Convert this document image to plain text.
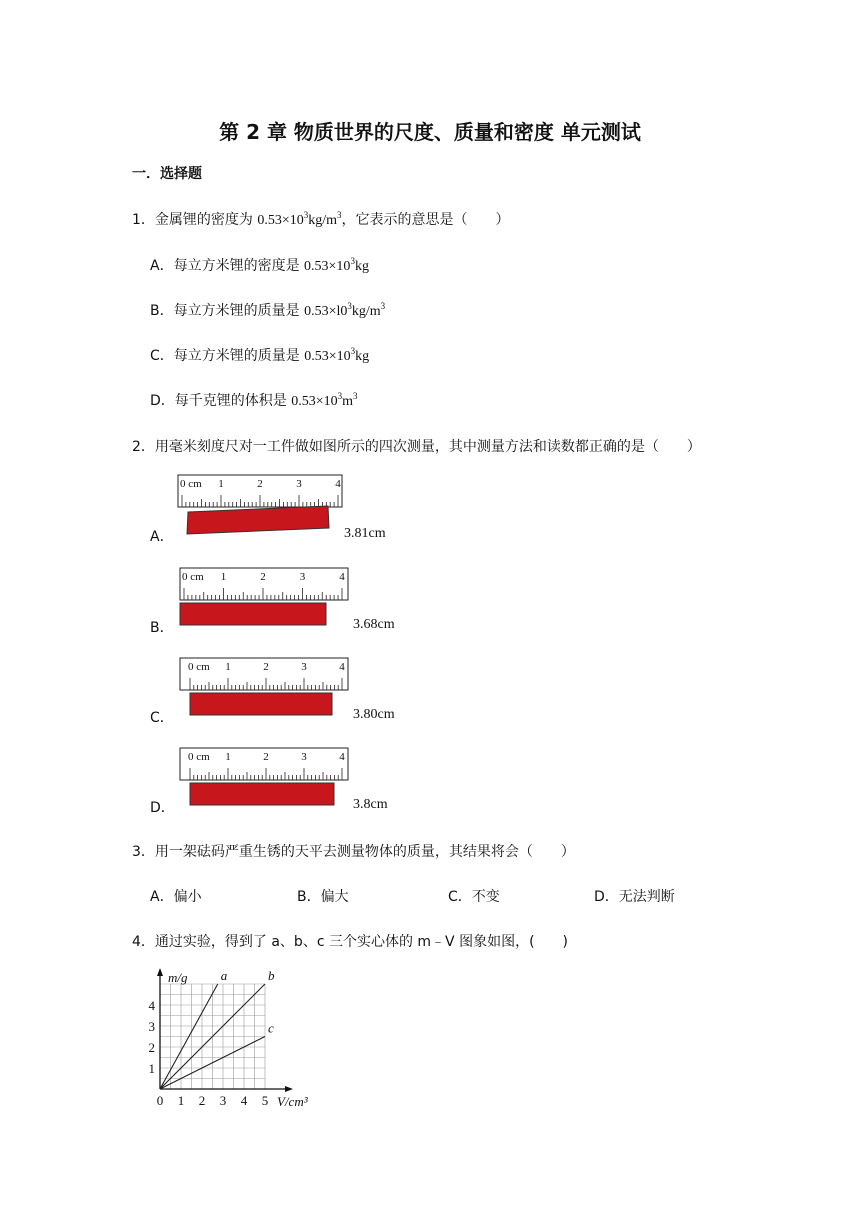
第 2 章 物质世界的尺度、质量和密度 单元测试
一．选择题
1．金属锂的密度为 $0.53\times 10^3kg/m^3$，它表示的意思是（　　）
A．每立方米锂的密度是 $0.53\times 10^3kg$
B．每立方米锂的质量是 $0.53\times l0^3kg/m^3$
C．每立方米锂的质量是 $0.53\times 10^3kg$
D．每千克锂的体积是 $0.53\times 10^3m^3$
2．用毫米刻度尺对一工件做如图所示的四次测量，其中测量方法和读数都正确的是（　　）
A．	3.81cm
B．	3.68cm
C．	3.80cm
D．	3.8cm
0 cm 1	2	3	4
0 cm 1	2	3	4
0 cm 1	2	3	4
0 cm 1	2	3	4
3．用一架砝码严重生锈的天平去测量物体的质量，其结果将会（　　）
A．偏小	B．偏大	C．不变	D．无法判断
4．通过实验，得到了 a、b、c 三个实心体的 m﹣V 图象如图，(　　)
a	b
c
0 1 2 3 4 5
1
2
3
4
m/g
V/cm³
